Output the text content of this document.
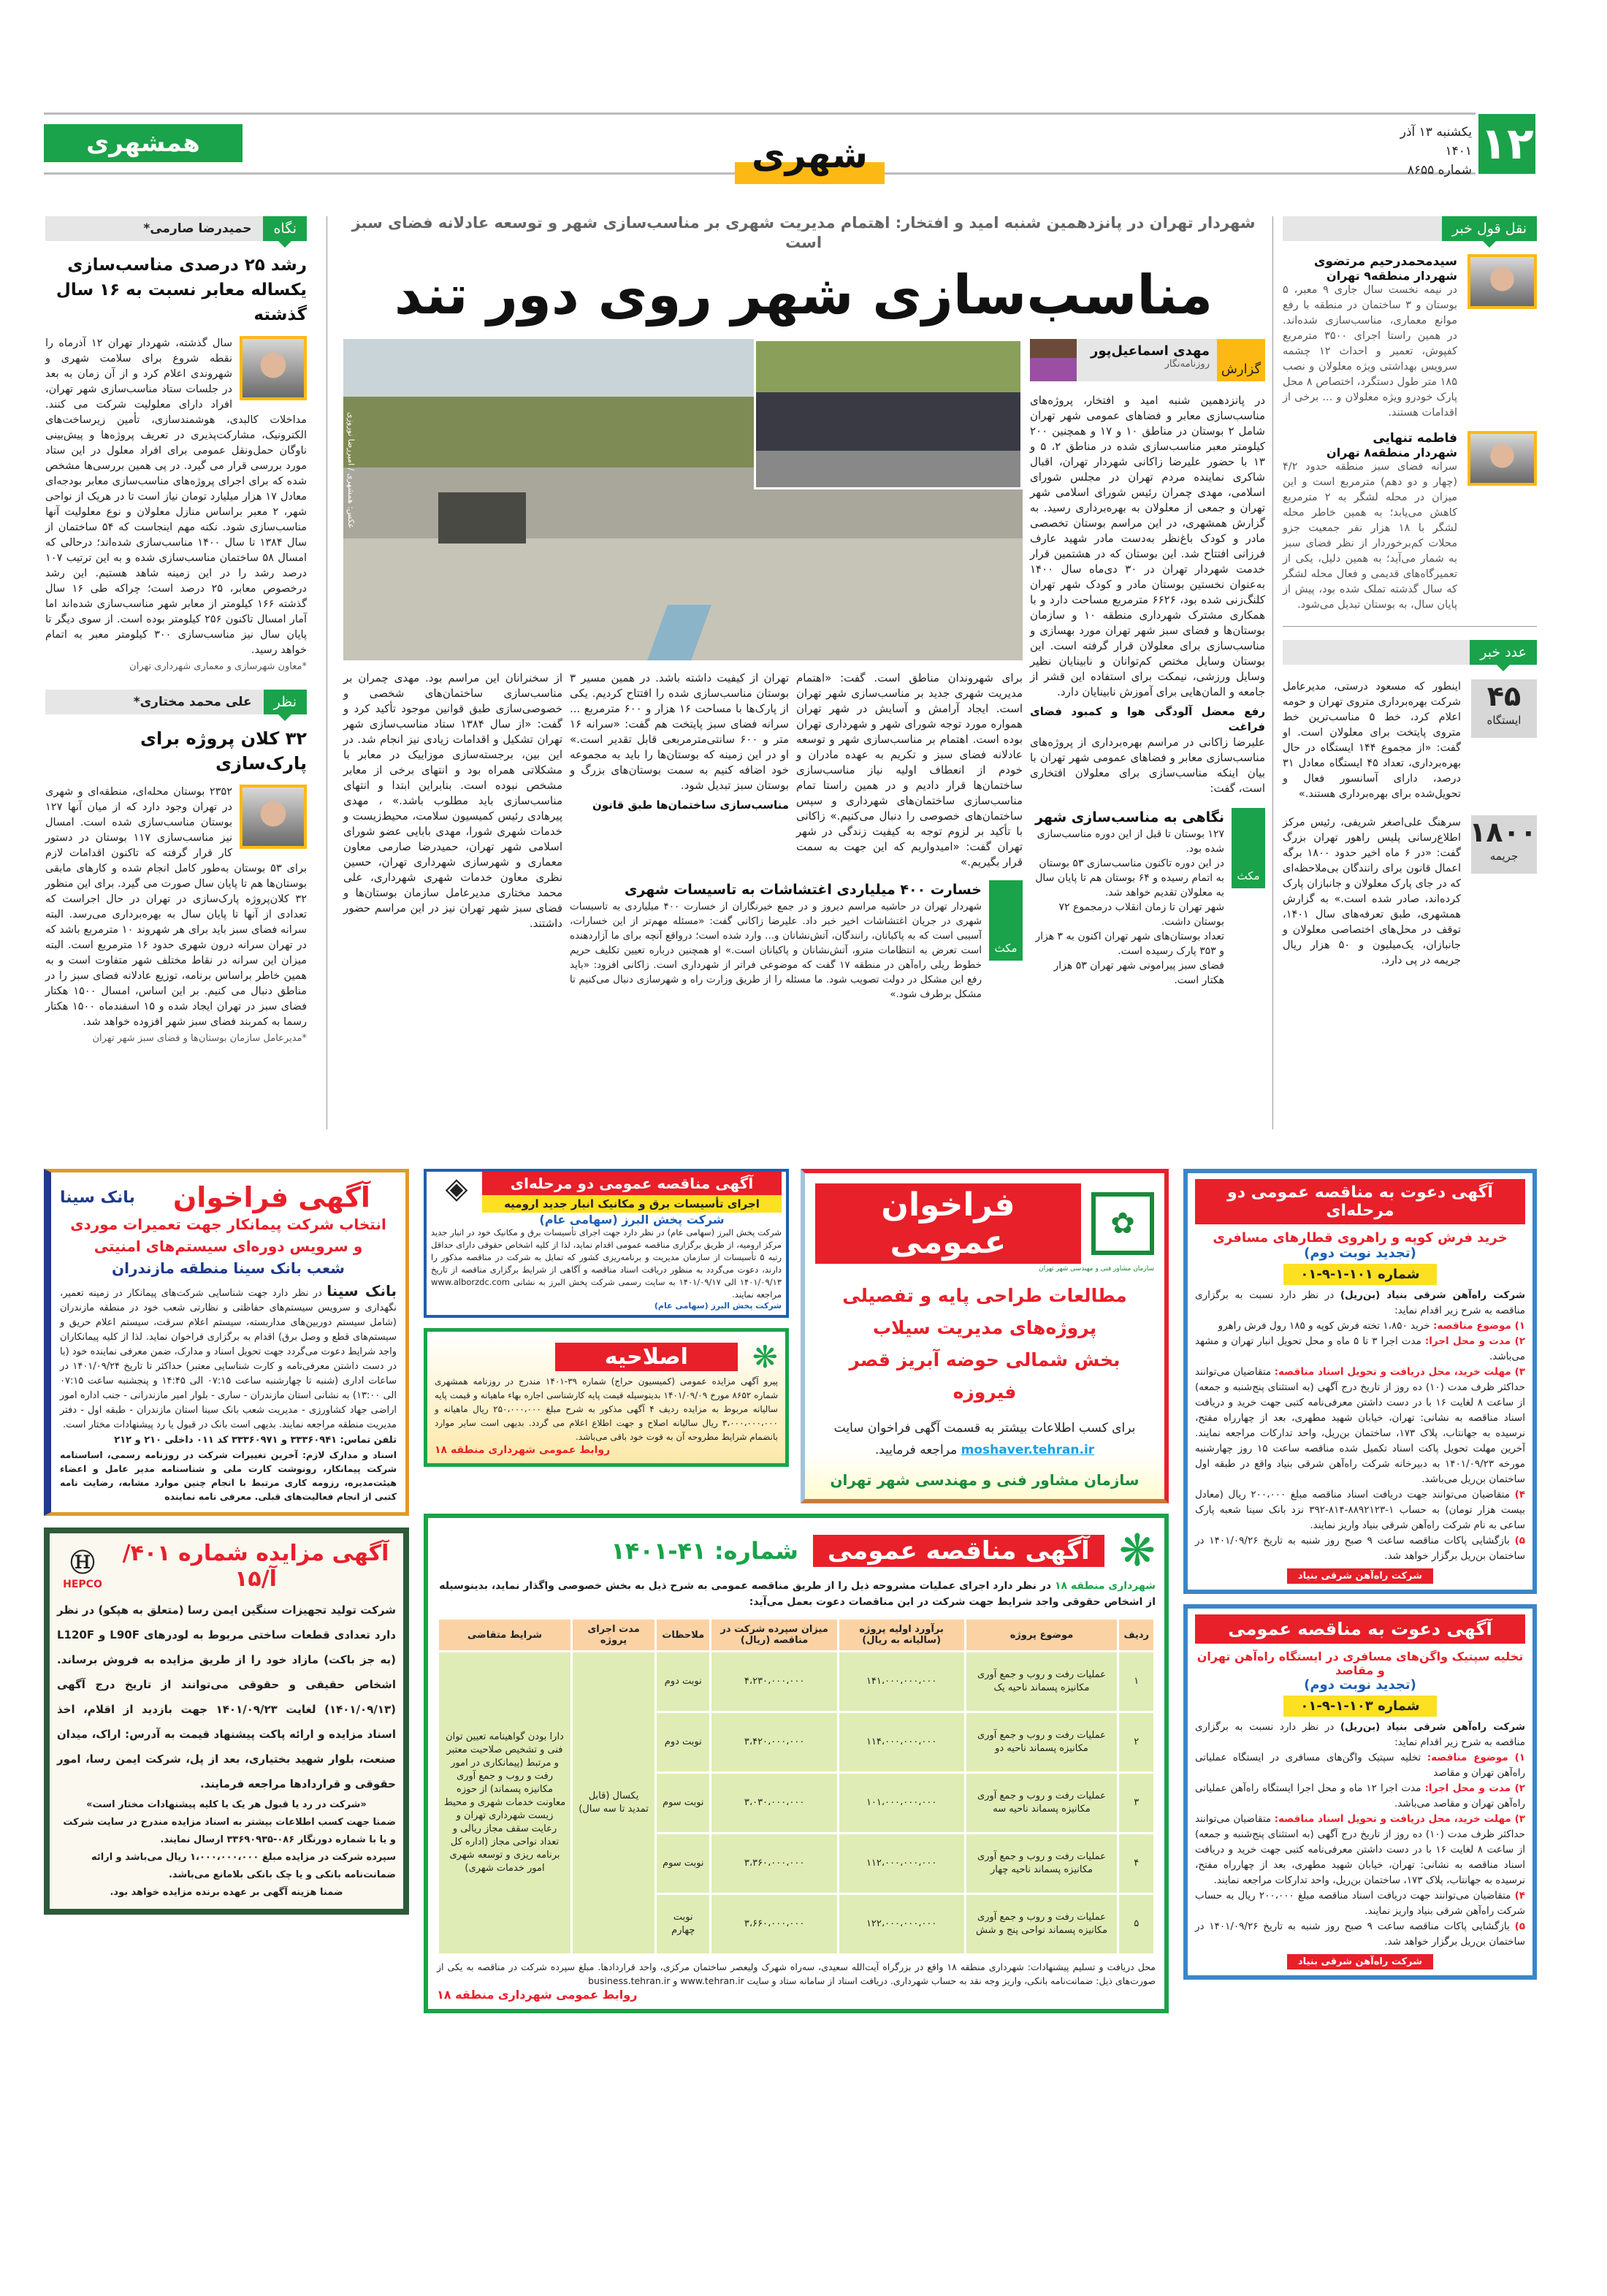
۱۲
یکشنبه ۱۳ آذر ۱۴۰۱
شماره ۸۶۵۵
شهری
همشهری
نقل قول خبر
سیدمحمدرحیم مرتضوی
شهردار منطقه۹ تهران
در نیمه نخست سال جاری ۹ معبر، ۵ بوستان و ۳ ساختمان در منطقه با رفع موانع معماری، مناسب‌سازی شده‌اند. در همین راستا اجرای ۳۵۰۰ مترمربع کفپوش، تعمیر و احداث ۱۲ چشمه سرویس بهداشتی ویژه معلولان و نصب ۱۸۵ متر طول دستگرد، اختصاص ۸ محل پارک خودرو ویژه معلولان و ... برخی از اقدامات هستند.
فاطمه تنهایی
شهردار منطقه۸ تهران
سرانه فضای سبز منطقه حدود ۴/۲ (چهار و دو دهم) مترمربع است و این میزان در محله لشگر به ۲ مترمربع کاهش می‌یابد؛ به همین خاطر محله لشگر با ۱۸ هزار نفر جمعیت جزو محلات کم‌برخوردار از نظر فضای سبز به شمار می‌آید؛ به همین دلیل، یکی از تعمیرگاه‌های قدیمی و فعال محله لشگر که سال گذشته تملک شده بود، پیش از پایان سال، به بوستان تبدیل می‌شود.
عدد خبر
۴۵
ایستگاه
اینطور که مسعود درستی، مدیرعامل شرکت بهره‌برداری متروی تهران و حومه اعلام کرد، خط ۵ مناسب‌ترین خط متروی پایتخت برای معلولان است. او گفت: «از مجموع ۱۴۴ ایستگاه در حال بهره‌برداری، تعداد ۴۵ ایستگاه معادل ۳۱ درصد، دارای آسانسور فعال و تحویل‌شده برای بهره‌برداری هستند.»
۱۸۰۰
جریمه
سرهنگ علی‌اصغر شریفی، رئیس مرکز اطلاع‌رسانی پلیس راهور تهران بزرگ گفت: «در ۶ ماه اخیر حدود ۱۸۰۰ برگه اعمال قانون برای رانندگان بی‌ملاحظه‌ای که در جای پارک معلولان و جانبازان پارک کرده‌اند، صادر شده است.» به گزارش همشهری، طبق تعرفه‌های سال ۱۴۰۱، توقف در محل‌های اختصاصی معلولان و جانبازان، یک‌میلیون و ۵۰ هزار ریال جریمه در پی دارد.
شهردار تهران در پانزدهمین شنبه امید و افتخار: اهتمام مدیریت شهری بر مناسب‌سازی شهر و توسعه عادلانه فضای سبز است
مناسب‌سازی شهر روی دور تند
گزارش
مهدی اسماعیل‌پور
روزنامه‌نگار
در پانزدهمین شنبه امید و افتخار، پروژه‌های مناسب‌سازی معابر و فضاهای عمومی شهر تهران شامل ۲ بوستان در مناطق ۱۰ و ۱۷ و همچنین ۲۰۰ کیلومتر معبر مناسب‌سازی شده در مناطق ۲، ۵ و ۱۳ با حضور علیرضا زاکانی شهردار تهران، اقبال شاکری نماینده مردم تهران در مجلس شورای اسلامی، مهدی چمران رئیس شورای اسلامی شهر تهران و جمعی از معلولان به بهره‌برداری رسید. به گزارش همشهری، در این مراسم بوستان تخصصی مادر و کودک باغ‌نظر به‌دست مادر شهید عارف فرزانی افتتاح شد. این بوستان که در هشتمین قرار خدمت شهردار تهران در ۳۰ دی‌ماه سال ۱۴۰۰ به‌عنوان نخستین بوستان مادر و کودک شهر تهران کلنگ‌زنی شده بود، ۶۶۲۶ مترمربع مساحت دارد و با همکاری مشترک شهرداری منطقه ۱۰ و سازمان بوستان‌ها و فضای سبز شهر تهران مورد بهسازی و مناسب‌سازی برای معلولان قرار گرفته است. این بوستان وسایل مختص کم‌توانان و نابینایان نظیر وسایل ورزشی، نیمکت برای استفاده این قشر از جامعه و المان‌هایی برای آموزش نابینایان دارد.
رفع معضل آلودگی هوا و کمبود فضای فراغت
علیرضا زاکانی در مراسم بهره‌برداری از پروژه‌های مناسب‌سازی معابر و فضاهای عمومی شهر تهران با بیان اینکه مناسب‌سازی برای معلولان افتخاری است، گفت:
مکث
نگاهی به مناسب‌سازی شهر
۱۲۷ بوستان تا قبل از این دوره مناسب‌سازی شده بود.
در این دوره تاکنون مناسب‌سازی ۵۳ بوستان به اتمام رسیده و ۶۴ بوستان هم تا پایان سال به معلولان تقدیم خواهد شد.
شهر تهران تا زمان انقلاب درمجموع ۷۲ بوستان داشت.
تعداد بوستان‌های شهر تهران اکنون به ۳ هزار و ۳۵۳ پارک رسیده است.
فضای سبز پیرامونی شهر تهران ۵۳ هزار هکتار است.
عکس: همشهری / امیررضا نوروزی
برای شهروندان مناطق است. گفت: «اهتمام مدیریت شهری جدید بر مناسب‌سازی شهر تهران است. ایجاد آرامش و آسایش در شهر تهران همواره مورد توجه شورای شهر و شهرداری تهران بوده است. اهتمام بر مناسب‌سازی شهر و توسعه عادلانه فضای سبز و تکریم به عهده مادران و خودم از انعطاف اولیه نیاز مناسب‌سازی ساختمان‌ها قرار دادیم و در همین راستا تمام مناسب‌سازی ساختمان‌های شهرداری و سپس ساختمان‌های خصوصی را دنبال می‌کنیم.» زاکانی با تأکید بر لزوم توجه به کیفیت زندگی در شهر تهران گفت: «امیدواریم که این جهت به سمت قرار بگیریم.»
تهران از کیفیت داشته باشد. در همین مسیر ۳ بوستان مناسب‌سازی شده را افتتاح کردیم. یکی از پارک‌ها با مساحت ۱۶ هزار و ۶۰۰ مترمربع ... سرانه فضای سبز پایتخت هم گفت: «سرانه ۱۶ متر و ۶۰۰ سانتی‌مترمربعی قابل تقدیر است.» او در این زمینه که بوستان‌ها را باید به مجموعه خود اضافه کنیم به سمت بوستان‌های بزرگ و بوستان سبز تبدیل شود.
مناسب‌سازی ساختمان‌ها طبق قانون
مکث
خسارت ۴۰۰ میلیاردی اغتشاشات به تاسیسات شهری
شهردار تهران در حاشیه مراسم دیروز و در جمع خبرنگاران از خسارت ۴۰۰ میلیاردی به تاسیسات شهری در جریان اغتشاشات اخیر خبر داد. علیرضا زاکانی گفت: «مسئله مهم‌تر از این خسارات، آسیبی است که به پاکبانان، رانندگان، آتش‌نشانان و... وارد شده است؛ درواقع آنچه برای ما آزاردهنده است تعرض به انتظامات مترو، آتش‌نشانان و پاکبانان است.» او همچنین درباره تعیین تکلیف حریم خطوط ریلی راه‌آهن در منطقه ۱۷ گفت که موضوعی فراتر از شهرداری است. زاکانی افزود: «باید رفع این مشکل در دولت تصویب شود. ما مسئله را از طریق وزارت راه و شهرسازی دنبال می‌کنیم تا مشکل برطرف شود.»
از سخنرانان این مراسم بود. مهدی چمران بر مناسب‌سازی ساختمان‌های شخصی و خصوصی‌سازی طبق قوانین موجود تأکید کرد و گفت: «از سال ۱۳۸۴ ستاد مناسب‌سازی شهر تهران تشکیل و اقدامات زیادی نیز انجام شد. در این بین، برجسته‌سازی موزاییک در معابر با مشکلاتی همراه بود و انتهای برخی از معابر مشخص نبوده است. بنابراین ابتدا و انتهای مناسب‌سازی باید مطلوب باشد.» ، مهدی پیرهادی رئیس کمیسیون سلامت، محیط‌زیست و خدمات شهری شورا، مهدی بابایی عضو شورای اسلامی شهر تهران، حمیدرضا صارمی معاون معماری و شهرسازی شهرداری تهران، حسین نظری معاون خدمات شهری شهرداری، علی محمد مختاری مدیرعامل سازمان بوستان‌ها و فضای سبز شهر تهران نیز در این مراسم حضور داشتند.
نگاه
حمیدرضا صارمی*
رشد ۲۵ درصدی مناسب‌سازی یکساله معابر نسبت به ۱۶ سال گذشته
سال گذشته، شهردار تهران ۱۲ آذرماه را نقطه شروع برای سلامت شهری و شهروندی اعلام کرد و از آن زمان به بعد در جلسات ستاد مناسب‌سازی شهر تهران، افراد دارای معلولیت شرکت می کنند. مداخلات کالبدی، هوشمندسازی، تأمین زیرساخت‌های الکترونیک، مشارکت‌پذیری در تعریف پروژه‌ها و پیش‌بینی ناوگان حمل‌ونقل عمومی برای افراد معلول در این ستاد مورد بررسی قرار می گیرد. در پی همین بررسی‌ها مشخص شده که برای اجرای پروژه‌های مناسب‌سازی معابر بودجه‌ای معادل ۱۷ هزار میلیارد تومان نیاز است تا در هریک از نواحی شهر، ۲ معبر براساس منازل معلولان و نوع معلولیت آنها مناسب‌سازی شود. نکته مهم اینجاست که ۵۴ ساختمان از سال ۱۳۸۴ تا سال ۱۴۰۰ مناسب‌سازی شده‌اند؛ درحالی که امسال ۵۸ ساختمان مناسب‌سازی شده و به این ترتیب ۱۰۷ درصد رشد را در این زمینه شاهد هستیم. این رشد درخصوص معابر، ۲۵ درصد است؛ چراکه طی ۱۶ سال گذشته ۱۶۶ کیلومتر از معابر شهر مناسب‌سازی شده‌اند اما آمار امسال تاکنون ۲۵۶ کیلومتر بوده است. از سوی دیگر تا پایان سال نیز مناسب‌سازی ۳۰۰ کیلومتر معبر به اتمام خواهد رسید.
*معاون شهرسازی و معماری شهرداری تهران
نظر
علی محمد مختاری*
۳۲ کلان پروژه برای پارک‌سازی
۲۳۵۲ بوستان محله‌ای، منطقه‌ای و شهری در تهران وجود دارد که از میان آنها ۱۲۷ بوستان مناسب‌سازی شده است. امسال نیز مناسب‌سازی ۱۱۷ بوستان در دستور کار قرار گرفته که تاکنون اقدامات لازم برای ۵۳ بوستان به‌طور کامل انجام شده و کارهای مابقی بوستان‌ها هم تا پایان سال صورت می گیرد. برای این منظور ۳۲ کلان‌پروژه پارک‌سازی در تهران در حال اجراست که تعدادی از آنها تا پایان سال به بهره‌برداری می‌رسد. البته سرانه فضای سبز باید برای هر شهروند ۱۰ مترمربع باشد که در تهران سرانه درون شهری حدود ۱۶ مترمربع است. البته میزان این سرانه در نقاط مختلف شهر متفاوت است و به همین خاطر براساس برنامه، توزیع عادلانه فضای سبز را در مناطق دنبال می کنیم. بر این اساس، امسال ۱۵۰۰ هکتار فضای سبز در تهران ایجاد شده و ۱۵ اسفندماه ۱۵۰۰ هکتار رسما به کمربند فضای سبز شهر افزوده خواهد شد.
*مدیرعامل سازمان بوستان‌ها و فضای سبز شهر تهران
آگهی دعوت به مناقصه عمومی دو مرحله‌ای
خرید فرش کوپه و راهروی قطارهای مسافری
(تجدید نوبت دوم)
شماره ۱۰۱-۱-۹-۰۱
شرکت راه‌آهن شرقی بنیاد (بن‌ریل) در نظر دارد نسبت به برگزاری مناقصه به شرح زیر اقدام نماید:
۱) موضوع مناقصه: خرید ۱،۸۵۰ تخته فرش کوپه و ۱۸۵ رول فرش راهرو
۲) مدت و محل اجرا: مدت اجرا ۳ تا ۵ ماه و محل تحویل انبار تهران و مشهد می‌باشد.
۳) مهلت خرید، محل دریافت و تحویل اسناد مناقصه: متقاضیان می‌توانند حداکثر ظرف مدت (۱۰) ده روز از تاریخ درج آگهی (به استثنای پنج‌شنبه و جمعه) از ساعت ۸ لغایت ۱۶ با در دست داشتن معرفی‌نامه کتبی جهت خرید و دریافت اسناد مناقصه به نشانی: تهران، خیابان شهید مطهری، بعد از چهارراه مفتح، نرسیده به جهانتاب، پلاک ۱۷۳، ساختمان بن‌ریل، واحد تدارکات مراجعه نمایند. آخرین مهلت تحویل پاکت اسناد تکمیل شده مناقصه ساعت ۱۵ روز چهارشنبه مورخه ۱۴۰۱/۰۹/۲۳ به دبیرخانه شرکت راه‌آهن شرقی بنیاد واقع در طبقه اول ساختمان بن‌ریل می‌باشد.
۴) متقاضیان می‌توانند جهت دریافت اسناد مناقصه مبلغ ۲۰۰،۰۰۰ ریال (معادل بیست هزار تومان) به حساب ۱-۸۸۹۲۱۲۳-۸۱۴-۳۹۲ نزد بانک سینا شعبه پارک ساعی به نام شرکت راه‌آهن شرقی بنیاد واریز نمایند.
۵) بازگشایی پاکات مناقصه ساعت ۹ صبح روز شنبه به تاریخ ۱۴۰۱/۰۹/۲۶ در ساختمان بن‌ریل برگزار خواهد شد.
شرکت راه‌آهن شرقی بنیاد
آگهی دعوت به مناقصه عمومی
تخلیه سپتیک واگن‌های مسافری در ایستگاه راه‌آهن تهران و مقاصد
(تجدید نوبت دوم)
شماره ۱۰۳-۱-۹-۰۱
شرکت راه‌آهن شرقی بنیاد (بن‌ریل) در نظر دارد نسبت به برگزاری مناقصه به شرح زیر اقدام نماید:
۱) موضوع مناقصه: تخلیه سپتیک واگن‌های مسافری در ایستگاه عملیاتی راه‌آهن تهران و مقاصد
۲) مدت و محل اجرا: مدت اجرا ۱۲ ماه و محل اجرا ایستگاه راه‌آهن عملیاتی راه‌آهن تهران و مقاصد می‌باشد.
۳) مهلت خرید، محل دریافت و تحویل اسناد مناقصه: متقاضیان می‌توانند حداکثر ظرف مدت (۱۰) ده روز از تاریخ درج آگهی (به استثنای پنج‌شنبه و جمعه) از ساعت ۸ لغایت ۱۶ با در دست داشتن معرفی‌نامه کتبی جهت خرید و دریافت اسناد مناقصه به نشانی: تهران، خیابان شهید مطهری، بعد از چهارراه مفتح، نرسیده به جهانتاب، پلاک ۱۷۳، ساختمان بن‌ریل، واحد تدارکات مراجعه نمایند.
۴) متقاضیان می‌توانند جهت دریافت اسناد مناقصه مبلغ ۲۰۰،۰۰۰ ریال به حساب شرکت راه‌آهن شرقی بنیاد واریز نمایند.
۵) بازگشایی پاکات مناقصه ساعت ۹ صبح روز شنبه به تاریخ ۱۴۰۱/۰۹/۲۶ در ساختمان بن‌ریل برگزار خواهد شد.
شرکت راه‌آهن شرقی بنیاد
✿
فراخوان عمومی
سازمان مشاور فنی و مهندسی شهر تهران
مطالعات طراحی پایه و تفصیلی
پروژه‌های مدیریت سیلاب
بخش شمالی حوضه آبریز قصر فیروزه
برای کسب اطلاعات بیشتر به قسمت آگهی فراخوان سایت moshaver.tehran.ir مراجعه فرمایید.
سازمان مشاور فنی و مهندسی شهر تهران
آگهی مناقصه عمومی دو مرحله‌ای
اجرای تأسیسات برق و مکانیک انبار جدید ارومیه
شرکت پخش البرز (سهامی عام)
◈
شرکت پخش البرز (سهامی عام) در نظر دارد جهت اجرای تأسیسات برق و مکانیک خود در انبار جدید مرکز ارومیه، از طریق برگزاری مناقصه عمومی اقدام نماید، لذا از کلیه اشخاص حقوقی دارای حداقل رتبه ۵ تأسیسات از سازمان مدیریت و برنامه‌ریزی کشور که تمایل به شرکت در مناقصه مذکور را دارند، دعوت می‌گردد به منظور دریافت اسناد مناقصه و آگاهی از شرایط برگزاری مناقصه از تاریخ ۱۴۰۱/۰۹/۱۳ الی ۱۴۰۱/۰۹/۱۷ به سایت رسمی شرکت پخش البرز به نشانی www.alborzdc.com مراجعه نمایند.
شرکت پخش البرز (سهامی عام)
❋
اصلاحیه
پیرو آگهی مزایده عمومی (کمیسیون حراج) شماره ۳۹-۱۴۰۱ مندرج در روزنامه همشهری شماره ۸۶۵۲ مورخ ۱۴۰۱/۰۹/۰۹ بدینوسیله قیمت پایه کارشناسی اجاره بهاء ماهیانه و قیمت پایه سالیانه مربوط به مزایده ردیف ۴ آگهی مذکور به شرح مبلغ ۲۵۰،۰۰۰،۰۰۰ ریال ماهیانه و ۳،۰۰۰،۰۰۰،۰۰۰ ریال سالیانه اصلاح و جهت اطلاع اعلام می گردد. بدیهی است سایر موارد بانضمام شرایط مطروحه آن به قوت خود باقی می‌باشد.
روابط عمومی شهرداری منطقه ۱۸
❋
آگهی مناقصه عمومی
شماره: ۴۱-۱۴۰۱
شهرداری منطقه ۱۸ در نظر دارد اجرای عملیات مشروحه ذیل را از طریق مناقصه عمومی به شرح ذیل به بخش خصوصی واگذار نماید، بدینوسیله از اشخاص حقوقی واجد شرایط جهت شرکت در این مناقصات دعوت بعمل می‌آید:
ردیف	موضوع پروژه	برآورد اولیه پروژه (سالیانه به ریال)	میزان سپرده شرکت در مناقصه (ریال)	ملاحظات	مدت اجرای پروژه	شرایط متقاضی
۱	عملیات رفت و روب و جمع آوری مکانیزه پسماند ناحیه یک	۱۴۱،۰۰۰،۰۰۰،۰۰۰	۴،۲۳۰،۰۰۰،۰۰۰	نوبت دوم	یکسال (قابل تمدید تا سه سال)	دارا بودن گواهینامه تعیین توان فنی و تشخیص صلاحیت معتبر و مرتبط (پیمانکاری در امور رفت و روب و جمع آوری مکانیزه پسماند) از حوزه معاونت خدمات شهری و محیط زیست شهرداری تهران و رعایت سقف مجاز ریالی و تعداد نواحی مجاز (اداره کل برنامه ریزی و توسعه شهری امور خدمات شهری)
۲	عملیات رفت و روب و جمع آوری مکانیزه پسماند ناحیه دو	۱۱۴،۰۰۰،۰۰۰،۰۰۰	۳،۴۲۰،۰۰۰،۰۰۰	نوبت دوم		
۳	عملیات رفت و روب و جمع آوری مکانیزه پسماند ناحیه سه	۱۰۱،۰۰۰،۰۰۰،۰۰۰	۳،۰۳۰،۰۰۰،۰۰۰	نوبت سوم		
۴	عملیات رفت و روب و جمع آوری مکانیزه پسماند ناحیه چهار	۱۱۲،۰۰۰،۰۰۰،۰۰۰	۳،۳۶۰،۰۰۰،۰۰۰	نوبت سوم		
۵	عملیات رفت و روب و جمع آوری مکانیزه پسماند نواحی پنج و شش	۱۲۲،۰۰۰،۰۰۰،۰۰۰	۳،۶۶۰،۰۰۰،۰۰۰	نوبت چهارم		
محل دریافت و تسلیم پیشنهادات: شهرداری منطقه ۱۸ واقع در بزرگراه آیت‌الله سعیدی، سه‌راه شهرک ولیعصر ساختمان مرکزی، واحد قراردادها. مبلغ سپرده شرکت در مناقصه به یکی از صورت‌های ذیل: ضمانت‌نامه بانکی، واریز وجه نقد به حساب شهرداری. دریافت اسناد از سامانه ستاد و سایت www.tehran.ir و business.tehran.ir
روابط عمومی شهرداری منطقه ۱۸
آگهی فراخوان
بانک سینا
انتخاب شرکت پیمانکار جهت تعمیرات موردی
و سرویس دوره‌ای سیستم‌های امنیتی
شعب بانک سینا منطقه مازندران
بانک سینا در نظر دارد جهت شناسایی شرکت‌های پیمانکار در زمینه تعمیر، نگهداری و سرویس سیستم‌های حفاظتی و نظارتی شعب خود در منطقه مازندران (شامل سیستم دوربین‌های مداربسته، سیستم اعلام سرقت، سیستم اعلام حریق و سیستم‌های قطع و وصل برق) اقدام به برگزاری فراخوان نماید. لذا از کلیه پیمانکاران واجد شرایط دعوت می‌گردد جهت تحویل اسناد و مدارک، ضمن معرفی نماینده خود (با در دست داشتن معرفی‌نامه و کارت شناسایی معتبر) حداکثر تا تاریخ ۱۴۰۱/۰۹/۲۴ در ساعات اداری (شنبه تا چهارشنبه ساعت ۰۷:۱۵ الی ۱۴:۴۵ و پنجشنبه ساعت ۰۷:۱۵ الی ۱۳:۰۰) به نشانی استان مازندران - ساری - بلوار امیر مازندرانی - جنب اداره امور اراضی جهاد کشاورزی - مدیریت شعب بانک سینا استان مازندران - طبقه اول - دفتر مدیریت منطقه مراجعه نمایند. بدیهی است بانک در قبول یا رد پیشنهادات مختار است.
تلفن تماس: ۳۳۳۶۰۹۴۱ و ۳۳۳۶۰۹۷۱ کد ۰۱۱ داخلی ۲۱۰ و ۲۱۲
اسناد و مدارک لازم: آخرین تغییرات شرکت در روزنامه رسمی، اساسنامه شرکت پیمانکار، رونوشت کارت ملی و شناسنامه مدیر عامل و اعضاء هیئت‌مدیره، رزومه کاری مرتبط با انجام چنین موارد مشابه، رضایت نامه کتبی از انجام فعالیت‌های قبلی. معرفی نامه نماینده
آگهی مزایده شماره ۴۰۱/آ/۱۵
Ⓗ
HEPCO
شرکت تولید تجهیزات سنگین ایمن رسا (متعلق به هپکو) در نظر دارد تعدادی قطعات ساختی مربوط به لودرهای L90F و L120F (به جز باکت) مازاد خود را از طریق مزایده به فروش برساند. اشخاص حقیقی و حقوقی می‌توانند از تاریخ درج آگهی (۱۴۰۱/۰۹/۱۳) لغایت ۱۴۰۱/۰۹/۲۳ جهت بازدید از اقلام، اخذ اسناد مزایده و ارائه پاکت پیشنهاد قیمت به آدرس: اراک، میدان صنعت، بلوار شهید بختیاری، بعد از پل، شرکت ایمن رسا، امور حقوقی و قراردادها مراجعه فرمایند.
«شرکت در رد یا قبول هر یک یا کلیه پیشنهادات مختار است»
ضمنا جهت کسب اطلاعات بیشتر به اسناد مزایده مندرج در سایت شرکت
و یا با شماره دورنگار ۰۸۶-۳۳۶۹۰۹۳۵ ارسال نمایند.
سپرده شرکت در مزایده مبلغ ۱،۰۰۰،۰۰۰،۰۰۰ ریال می‌باشد و ارائه ضمانت‌نامه بانکی و یا چک بانکی بلامانع می‌باشد.
ضمنا هزینه آگهی بر عهده برنده مزایده خواهد بود.
